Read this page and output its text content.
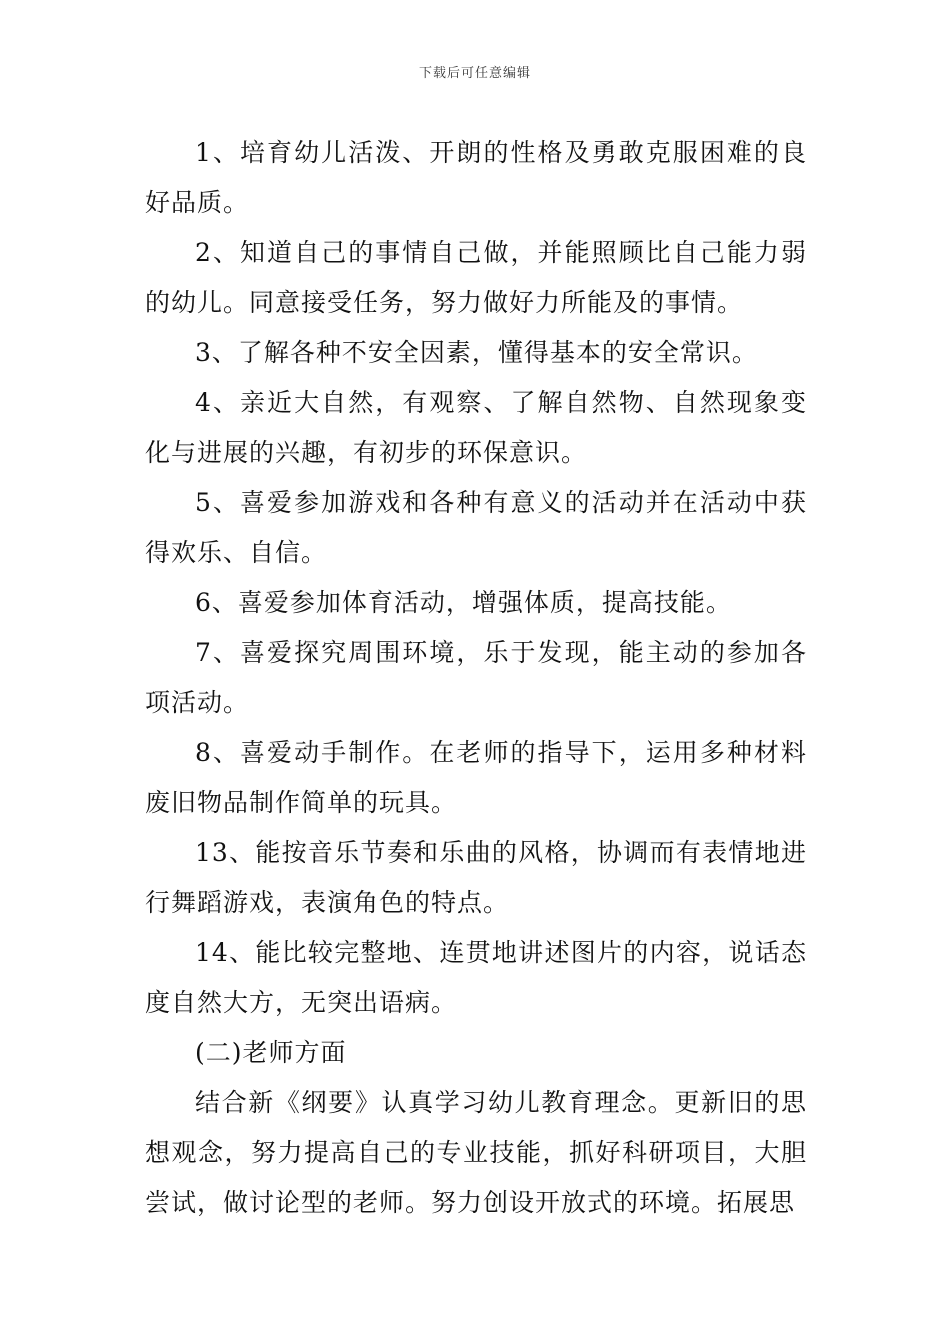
下载后可任意编辑

1、培育幼儿活泼、开朗的性格及勇敢克服困难的良好品质。

2、知道自己的事情自己做，并能照顾比自己能力弱的幼儿。同意接受任务，努力做好力所能及的事情。

3、了解各种不安全因素，懂得基本的安全常识。

4、亲近大自然，有观察、了解自然物、自然现象变化与进展的兴趣，有初步的环保意识。

5、喜爱参加游戏和各种有意义的活动并在活动中获得欢乐、自信。

6、喜爱参加体育活动，增强体质，提高技能。

7、喜爱探究周围环境，乐于发现，能主动的参加各项活动。

8、喜爱动手制作。在老师的指导下，运用多种材料废旧物品制作简单的玩具。

13、能按音乐节奏和乐曲的风格，协调而有表情地进行舞蹈游戏，表演角色的特点。

14、能比较完整地、连贯地讲述图片的内容，说话态度自然大方，无突出语病。

(二)老师方面

结合新《纲要》认真学习幼儿教育理念。更新旧的思想观念，努力提高自己的专业技能，抓好科研项目，大胆尝试，做讨论型的老师。努力创设开放式的环境。拓展思
